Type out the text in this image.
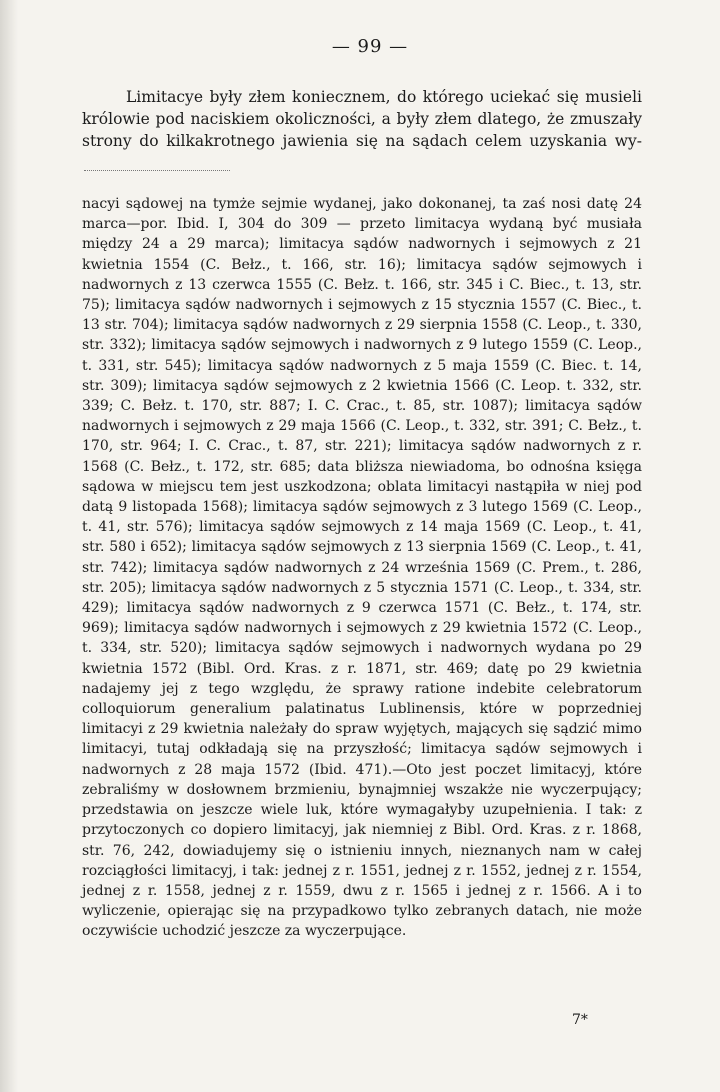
— 99 —

Limitacye były złem koniecznem, do którego uciekać się musieli królowie pod naciskiem okoliczności, a były złem dlatego, że zmuszały strony do kilkakrotnego jawienia się na sądach celem uzyskania wy-

nacyi sądowej na tymże sejmie wydanej, jako dokonanej, ta zaś nosi datę 24 marca—por. Ibid. I, 304 do 309 — przeto limitacya wydaną być musiała między 24 a 29 marca); limitacya sądów nadwornych i sejmowych z 21 kwietnia 1554 (C. Bełz., t. 166, str. 16); limitacya sądów sejmowych i nadwornych z 13 czerwca 1555 (C. Bełz. t. 166, str. 345 i C. Biec., t. 13, str. 75); limitacya sądów nadwornych i sejmowych z 15 stycznia 1557 (C. Biec., t. 13 str. 704); limitacya sądów nadwornych z 29 sierpnia 1558 (C. Leop., t. 330, str. 332); limitacya sądów sejmowych i nadwornych z 9 lutego 1559 (C. Leop., t. 331, str. 545); limitacya sądów nadwornych z 5 maja 1559 (C. Biec. t. 14, str. 309); limitacya sądów sejmowych z 2 kwietnia 1566 (C. Leop. t. 332, str. 339; C. Bełz. t. 170, str. 887; I. C. Crac., t. 85, str. 1087); limitacya sądów nadwornych i sejmowych z 29 maja 1566 (C. Leop., t. 332, str. 391; C. Bełz., t. 170, str. 964; I. C. Crac., t. 87, str. 221); limitacya sądów nadwornych z r. 1568 (C. Bełz., t. 172, str. 685; data bliższa niewiadoma, bo odnośna księga sądowa w miejscu tem jest uszkodzona; oblata limitacyi nastąpiła w niej pod datą 9 listopada 1568); limitacya sądów sejmowych z 3 lutego 1569 (C. Leop., t. 41, str. 576); limitacya sądów sejmowych z 14 maja 1569 (C. Leop., t. 41, str. 580 i 652); limitacya sądów sejmowych z 13 sierpnia 1569 (C. Leop., t. 41, str. 742); limitacya sądów nadwornych z 24 września 1569 (C. Prem., t. 286, str. 205); limitacya sądów nadwornych z 5 stycznia 1571 (C. Leop., t. 334, str. 429); limitacya sądów nadwornych z 9 czerwca 1571 (C. Bełz., t. 174, str. 969); limitacya sądów nadwornych i sejmowych z 29 kwietnia 1572 (C. Leop., t. 334, str. 520); limitacya sądów sejmowych i nadwornych wydana po 29 kwietnia 1572 (Bibl. Ord. Kras. z r. 1871, str. 469; datę po 29 kwietnia nadajemy jej z tego względu, że sprawy ratione indebite celebratorum colloquiorum generalium palatinatus Lublinensis, które w poprzedniej limitacyi z 29 kwietnia należały do spraw wyjętych, mających się sądzić mimo limitacyi, tutaj odkładają się na przyszłość; limitacya sądów sejmowych i nadwornych z 28 maja 1572 (Ibid. 471).—Oto jest poczet limitacyj, które zebraliśmy w dosłownem brzmieniu, bynajmniej wszakże nie wyczerpujący; przedstawia on jeszcze wiele luk, które wymagałyby uzupełnienia. I tak: z przytoczonych co dopiero limitacyj, jak niemniej z Bibl. Ord. Kras. z r. 1868, str. 76, 242, dowiadujemy się o istnieniu innych, nieznanych nam w całej rozciągłości limitacyj, i tak: jednej z r. 1551, jednej z r. 1552, jednej z r. 1554, jednej z r. 1558, jednej z r. 1559, dwu z r. 1565 i jednej z r. 1566. A i to wyliczenie, opierając się na przypadkowo tylko zebranych datach, nie może oczywiście uchodzić jeszcze za wyczerpujące.

7*
